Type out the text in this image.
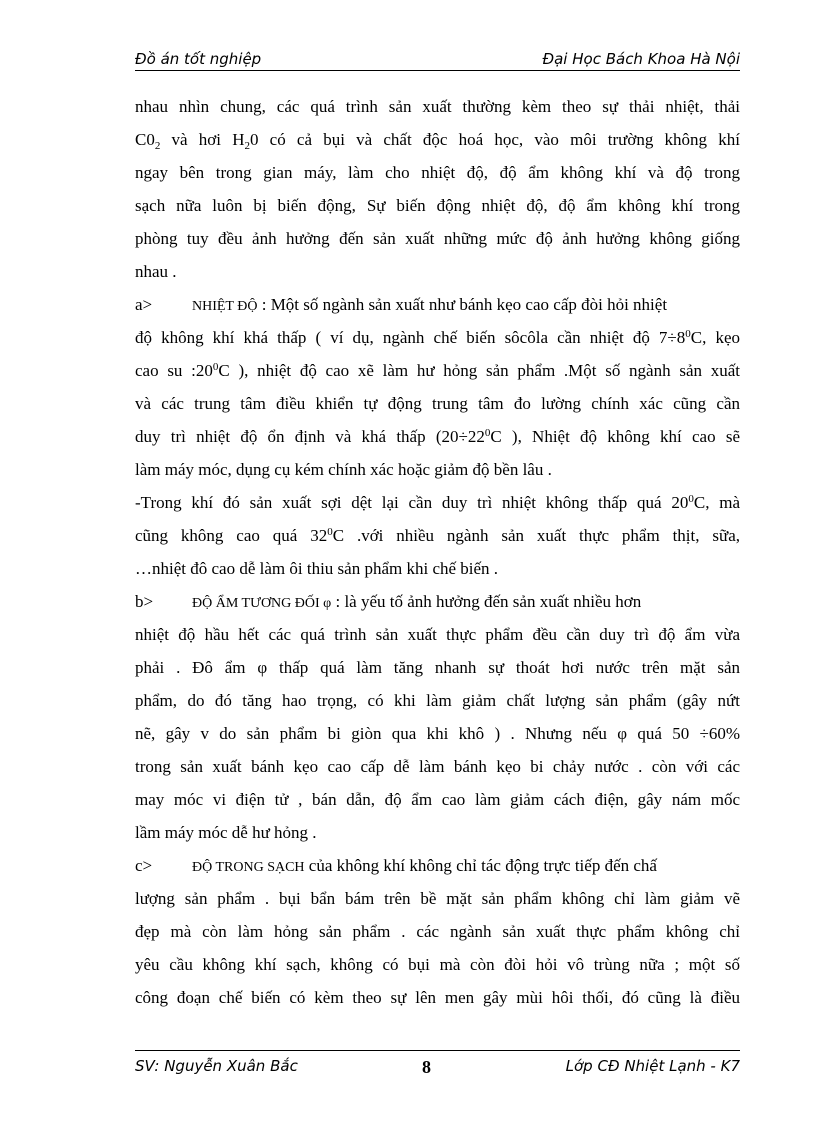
Đồ án tốt nghiệp	Đại Học Bách Khoa Hà Nội
nhau nhìn chung, các quá trình sản xuất thường kèm theo sự thải nhiệt, thải
$C0_2$ và hơi $H_20$ có cả bụi và chất độc hoá học, vào môi trường không khí
ngay bên trong gian máy, làm cho nhiệt độ, độ ẩm không khí và độ trong
sạch nữa luôn bị biến động, Sự biến động nhiệt độ, độ ẩm không khí trong
phòng tuy đều ảnh hưởng đến sản xuất những mức độ ảnh hưởng không giống
nhau .
a>	NHIỆT ĐỘ : Một số ngành sản xuất như bánh kẹo cao cấp đòi hỏi nhiệt
độ không khí khá thấp ( ví dụ, ngành chế biến sôcôla cần nhiệt độ $7\div 8^0C$, kẹo
cao su $:20^0C$ ), nhiệt độ cao xẽ làm hư hỏng sản phẩm .Một số ngành sản xuất
và các trung tâm điều khiển tự động trung tâm đo lường chính xác cũng cần
duy trì nhiệt độ ổn định và khá thấp ($20\div 22^0C$ ), Nhiệt độ không khí cao sẽ
làm máy móc, dụng cụ kém chính xác hoặc giảm độ bền lâu .
-Trong khí đó sản xuất sợi dệt lại cần duy trì nhiệt không thấp quá $20^0C$, mà
cũng không cao quá $32^0C$ .với nhiều ngành sản xuất thực phẩm thịt, sữa,
…nhiệt đô cao dễ làm ôi thiu sản phẩm khi chế biến .
b>	ĐỘ ẨM TƯƠNG ĐỐI φ : là yếu tố ảnh hưởng đến sản xuất nhiều hơn
nhiệt độ hầu hết các quá trình sản xuất thực phẩm đều cần duy trì độ ẩm vừa
phải . Đô ẩm φ thấp quá làm tăng nhanh sự thoát hơi nước trên mặt sản
phẩm, do đó tăng hao trọng, có khi làm giảm chất lượng sản phẩm (gây nứt
nẽ, gây v do sản phẩm bi giòn qua khi khô ) . Nhưng nếu φ quá 50 ÷60%
trong sản xuất bánh kẹo cao cấp dễ làm bánh kẹo bi chảy nước . còn với các
may móc vi điện tử , bán dẫn, độ ẩm cao làm giảm cách điện, gây nám mốc
lầm máy móc dễ hư hỏng .
c>	ĐỘ TRONG SẠCH của không khí không chỉ tác động trực tiếp đến chấ
lượng sản phẩm . bụi bẩn bám trên bề mặt sản phẩm không chỉ làm giảm vẽ
đẹp mà còn làm hỏng sản phẩm . các ngành sản xuất thực phẩm không chỉ
yêu cầu không khí sạch, không có bụi mà còn đòi hỏi vô trùng nữa ; một số
công đoạn chế biến có kèm theo sự lên men gây mùi hôi thối, đó cũng là điều
SV: Nguyễn Xuân Bắc	8	Lớp CĐ Nhiệt Lạnh - K7
